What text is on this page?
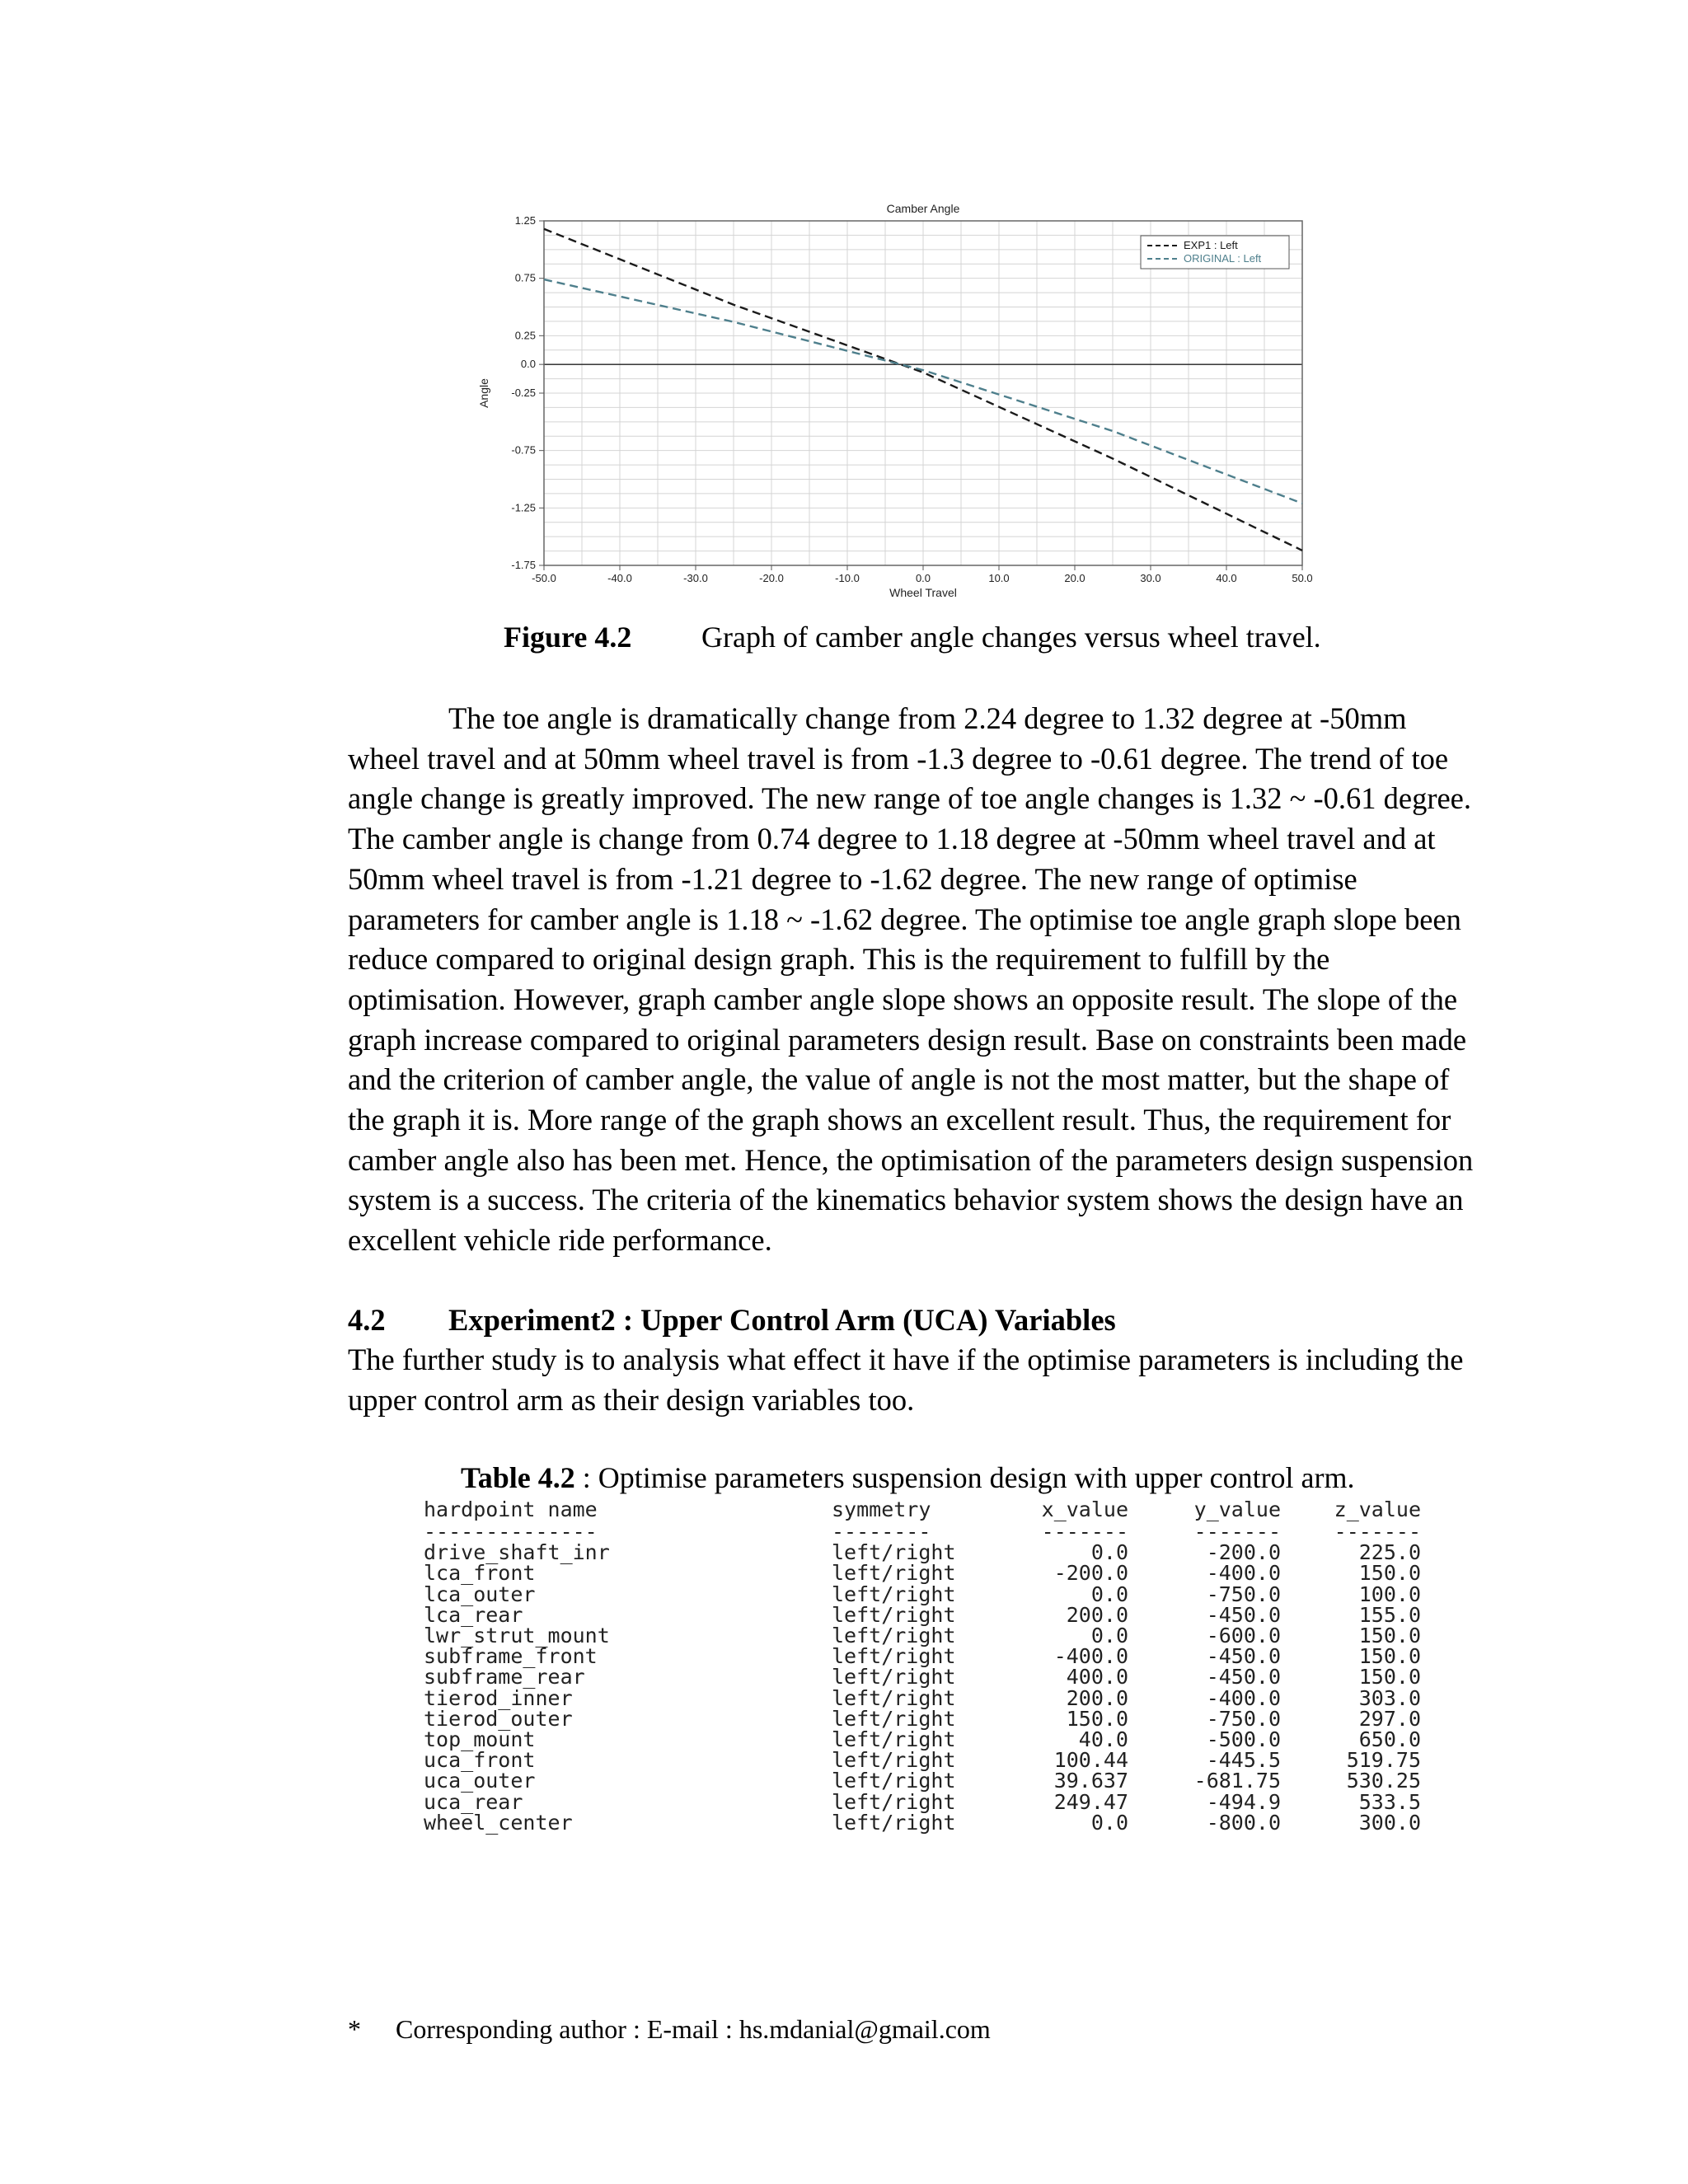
-50.0	-40.0	-30.0	-20.0	-10.0	0.0	10.0	20.0	30.0	40.0	50.0
1.25
0.75
0.25
0.0
-0.25
-0.75
-1.25
-1.75
Camber Angle
Wheel Travel
Angle
EXP1 : Left
ORIGINAL : Left
Figure 4.2 Graph of camber angle changes versus wheel travel.
The toe angle is dramatically change from 2.24 degree to 1.32 degree at -50mm
wheel travel and at 50mm wheel travel is from -1.3 degree to -0.61 degree. The trend of toe
angle change is greatly improved. The new range of toe angle changes is 1.32 ~ -0.61 degree.
The camber angle is change from 0.74 degree to 1.18 degree at -50mm wheel travel and at
50mm wheel travel is from -1.21 degree to -1.62 degree. The new range of optimise
parameters for camber angle is 1.18 ~ -1.62 degree. The optimise toe angle graph slope been
reduce compared to original design graph. This is the requirement to fulfill by the
optimisation. However, graph camber angle slope shows an opposite result. The slope of the
graph increase compared to original parameters design result. Base on constraints been made
and the criterion of camber angle, the value of angle is not the most matter, but the shape of
the graph it is. More range of the graph shows an excellent result. Thus, the requirement for
camber angle also has been met. Hence, the optimisation of the parameters design suspension
system is a success. The criteria of the kinematics behavior system shows the design have an
excellent vehicle ride performance.
4.2 Experiment2 : Upper Control Arm (UCA) Variables
The further study is to analysis what effect it have if the optimise parameters is including the
upper control arm as their design variables too.
Table 4.2 : Optimise parameters suspension design with upper control arm.
hardpoint name	symmetry	x_value	y_value	z_value
--------------	--------	-------	-------	-------
drive_shaft_inr	left/right	0.0	-200.0	225.0
lca_front	left/right	-200.0	-400.0	150.0
lca_outer	left/right	0.0	-750.0	100.0
lca_rear	left/right	200.0	-450.0	155.0
lwr_strut_mount	left/right	0.0	-600.0	150.0
subframe_front	left/right	-400.0	-450.0	150.0
subframe_rear	left/right	400.0	-450.0	150.0
tierod_inner	left/right	200.0	-400.0	303.0
tierod_outer	left/right	150.0	-750.0	297.0
top_mount	left/right	40.0	-500.0	650.0
uca_front	left/right	100.44	-445.5	519.75
uca_outer	left/right	39.637	-681.75	530.25
uca_rear	left/right	249.47	-494.9	533.5
wheel_center	left/right	0.0	-800.0	300.0
* Corresponding author : E-mail : hs.mdanial@gmail.com
